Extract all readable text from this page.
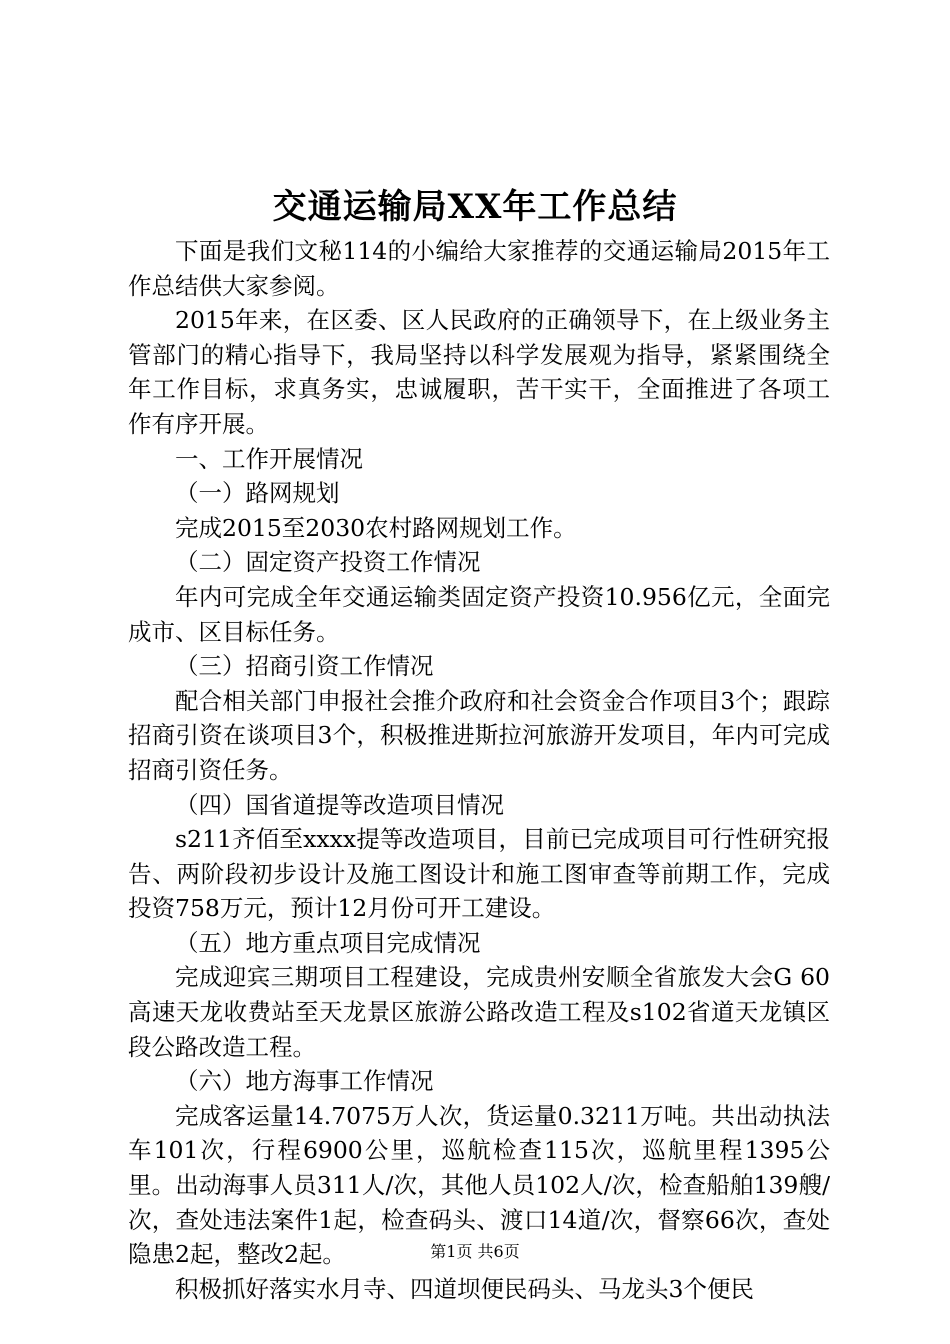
交通运输局XX年工作总结

下面是我们文秘114的小编给大家推荐的交通运输局2015年工作总结供大家参阅。

2015年来，在区委、区人民政府的正确领导下，在上级业务主管部门的精心指导下，我局坚持以科学发展观为指导，紧紧围绕全年工作目标，求真务实，忠诚履职，苦干实干，全面推进了各项工作有序开展。

一、工作开展情况

（一）路网规划

完成2015至2030农村路网规划工作。

（二）固定资产投资工作情况

年内可完成全年交通运输类固定资产投资10.956亿元，全面完成市、区目标任务。

（三）招商引资工作情况

配合相关部门申报社会推介政府和社会资金合作项目3个；跟踪招商引资在谈项目3个，积极推进斯拉河旅游开发项目，年内可完成招商引资任务。

（四）国省道提等改造项目情况

s211齐佰至xxxx提等改造项目，目前已完成项目可行性研究报告、两阶段初步设计及施工图设计和施工图审查等前期工作，完成投资758万元，预计12月份可开工建设。

（五）地方重点项目完成情况

完成迎宾三期项目工程建设，完成贵州安顺全省旅发大会G 60高速天龙收费站至天龙景区旅游公路改造工程及s102省道天龙镇区段公路改造工程。

（六）地方海事工作情况

完成客运量14.7075万人次，货运量0.3211万吨。共出动执法车101次，行程6900公里，巡航检查115次，巡航里程1395公里。出动海事人员311人/次，其他人员102人/次，检查船舶139艘/次，查处违法案件1起，检查码头、渡口14道/次，督察66次，查处隐患2起，整改2起。

积极抓好落实水月寺、四道坝便民码头、马龙头3个便民

第1页 共6页
